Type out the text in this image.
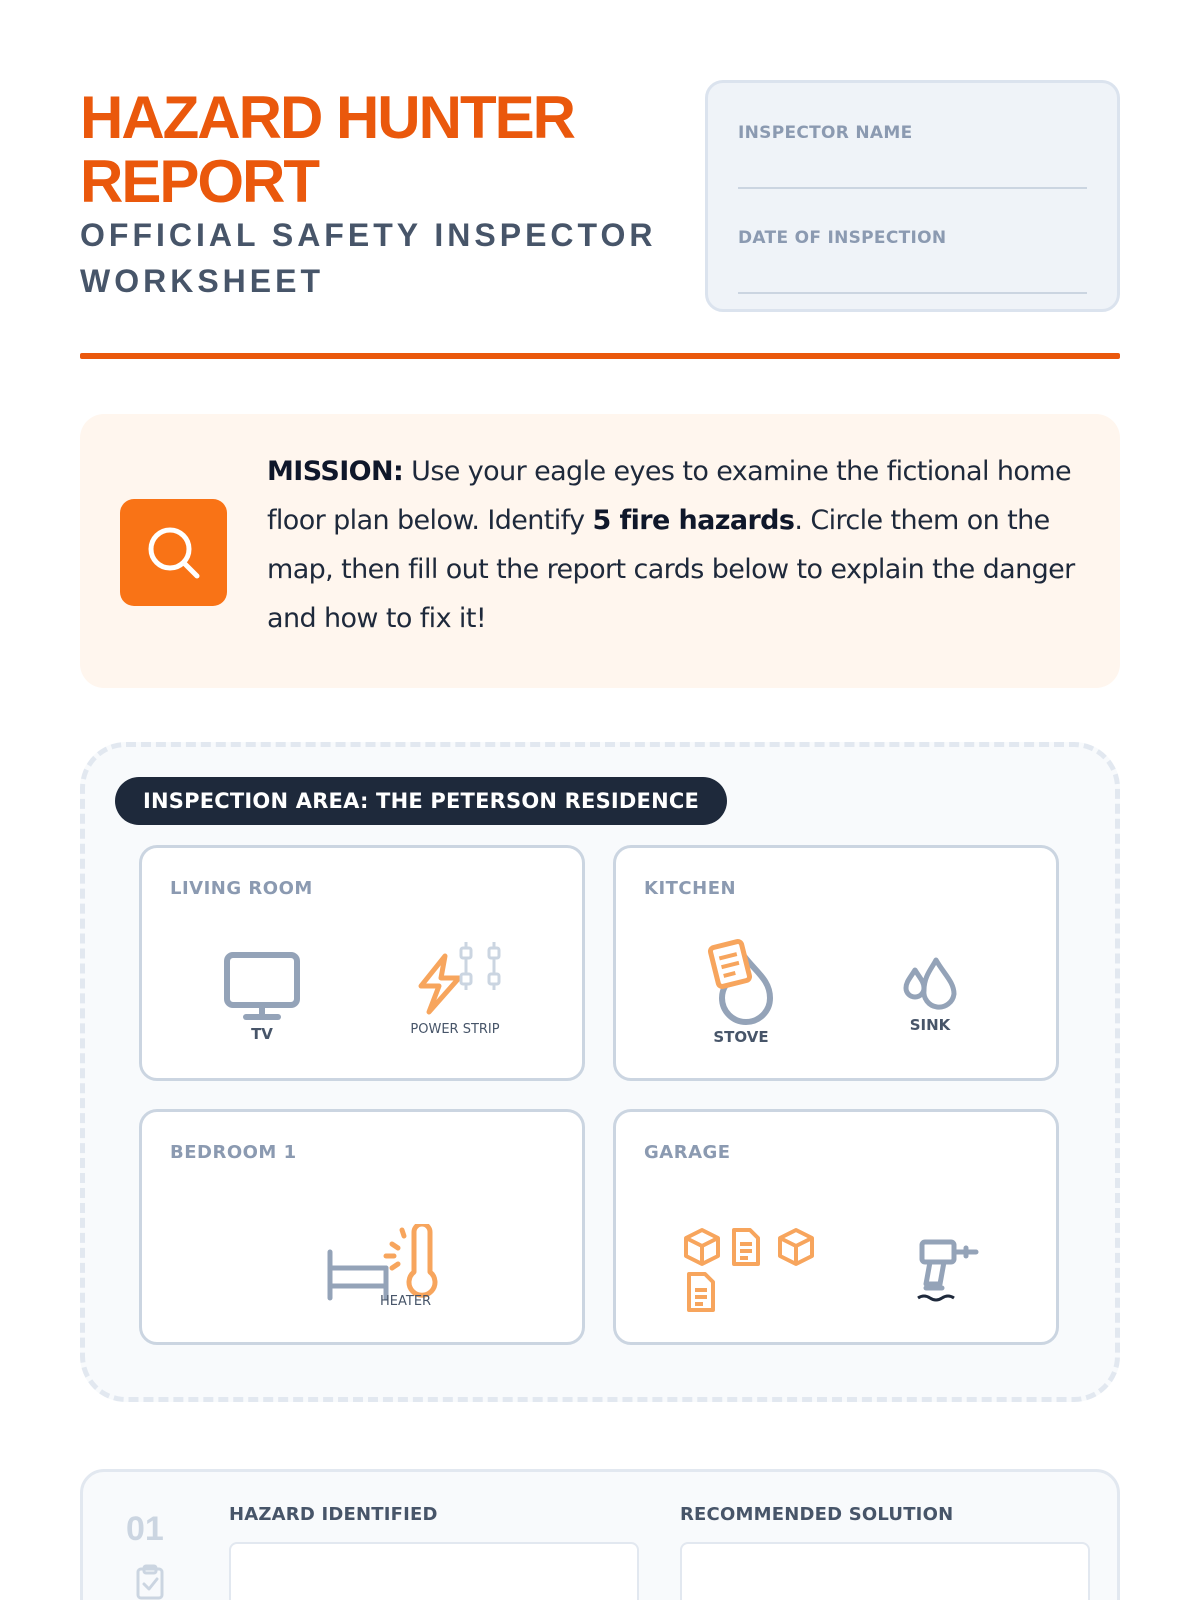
HAZARD HUNTER REPORT
OFFICIAL SAFETY INSPECTOR WORKSHEET
INSPECTOR NAME
DATE OF INSPECTION

MISSION: Use your eagle eyes to examine the fictional home floor plan below. Identify 5 fire hazards. Circle them on the map, then fill out the report cards below to explain the danger and how to fix it!

INSPECTION AREA: THE PETERSON RESIDENCE
LIVING ROOM
TV	POWER STRIP
KITCHEN
STOVE
SINK
BEDROOM 1
HEATER
GARAGE
01	HAZARD IDENTIFIED	RECOMMENDED SOLUTION
